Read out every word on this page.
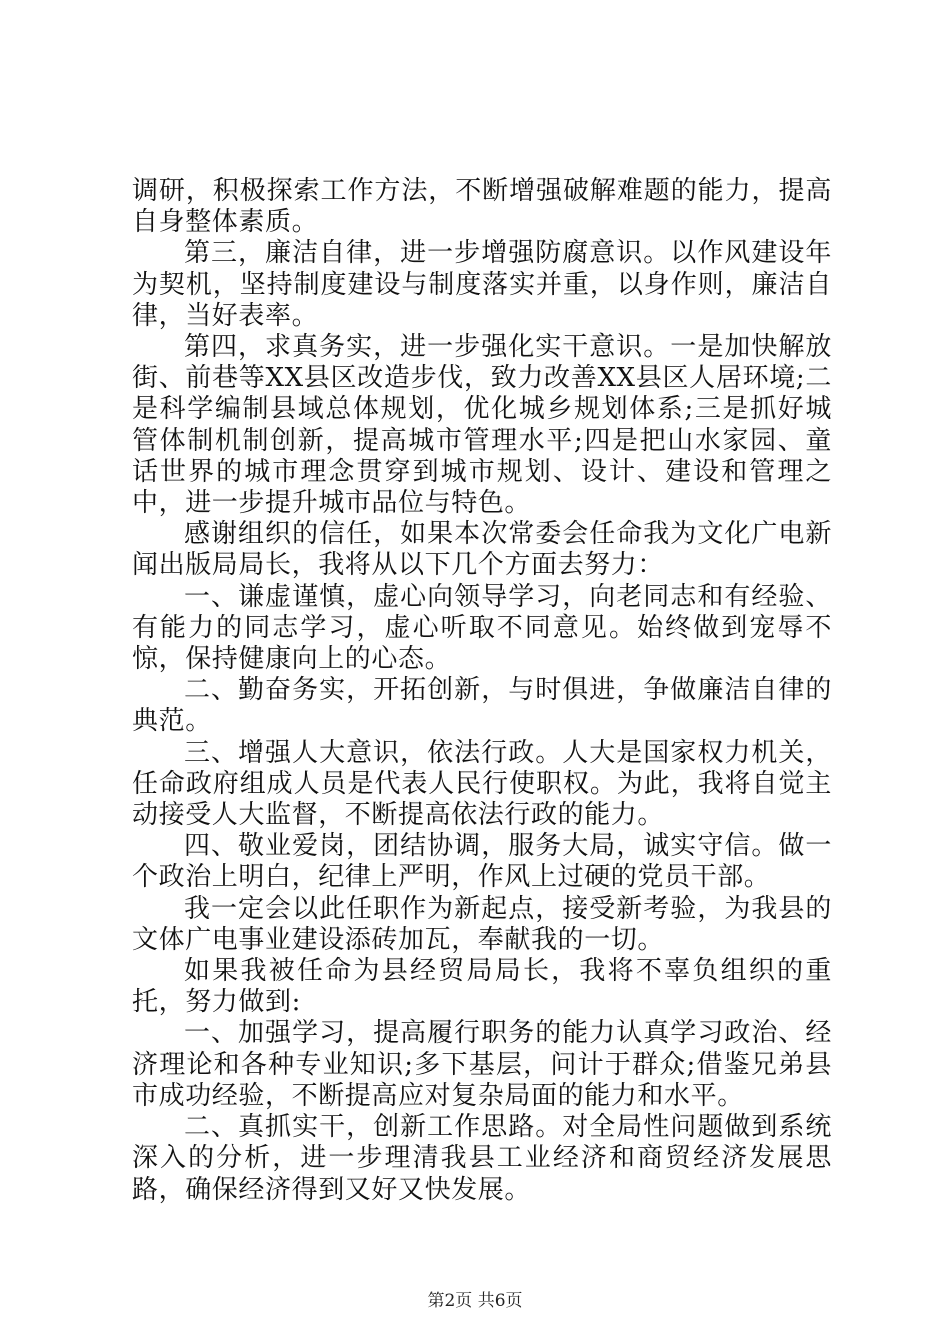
调研，积极探索工作方法，不断增强破解难题的能力，提高自身整体素质。

第三，廉洁自律，进一步增强防腐意识。以作风建设年为契机，坚持制度建设与制度落实并重，以身作则，廉洁自律，当好表率。

第四，求真务实，进一步强化实干意识。一是加快解放街、前巷等XX县区改造步伐，致力改善XX县区人居环境;二是科学编制县域总体规划，优化城乡规划体系;三是抓好城管体制机制创新，提高城市管理水平;四是把山水家园、童话世界的城市理念贯穿到城市规划、设计、建设和管理之中，进一步提升城市品位与特色。

感谢组织的信任，如果本次常委会任命我为文化广电新闻出版局局长，我将从以下几个方面去努力：

一、谦虚谨慎，虚心向领导学习，向老同志和有经验、有能力的同志学习，虚心听取不同意见。始终做到宠辱不惊，保持健康向上的心态。

二、勤奋务实，开拓创新，与时俱进，争做廉洁自律的典范。

三、增强人大意识，依法行政。人大是国家权力机关，任命政府组成人员是代表人民行使职权。为此，我将自觉主动接受人大监督，不断提高依法行政的能力。

四、敬业爱岗，团结协调，服务大局，诚实守信。做一个政治上明白，纪律上严明，作风上过硬的党员干部。

我一定会以此任职作为新起点，接受新考验，为我县的文体广电事业建设添砖加瓦，奉献我的一切。

如果我被任命为县经贸局局长，我将不辜负组织的重托，努力做到:

一、加强学习，提高履行职务的能力认真学习政治、经济理论和各种专业知识;多下基层，问计于群众;借鉴兄弟县市成功经验，不断提高应对复杂局面的能力和水平。

二、真抓实干，创新工作思路。对全局性问题做到系统深入的分析，进一步理清我县工业经济和商贸经济发展思路，确保经济得到又好又快发展。

第2页 共6页
